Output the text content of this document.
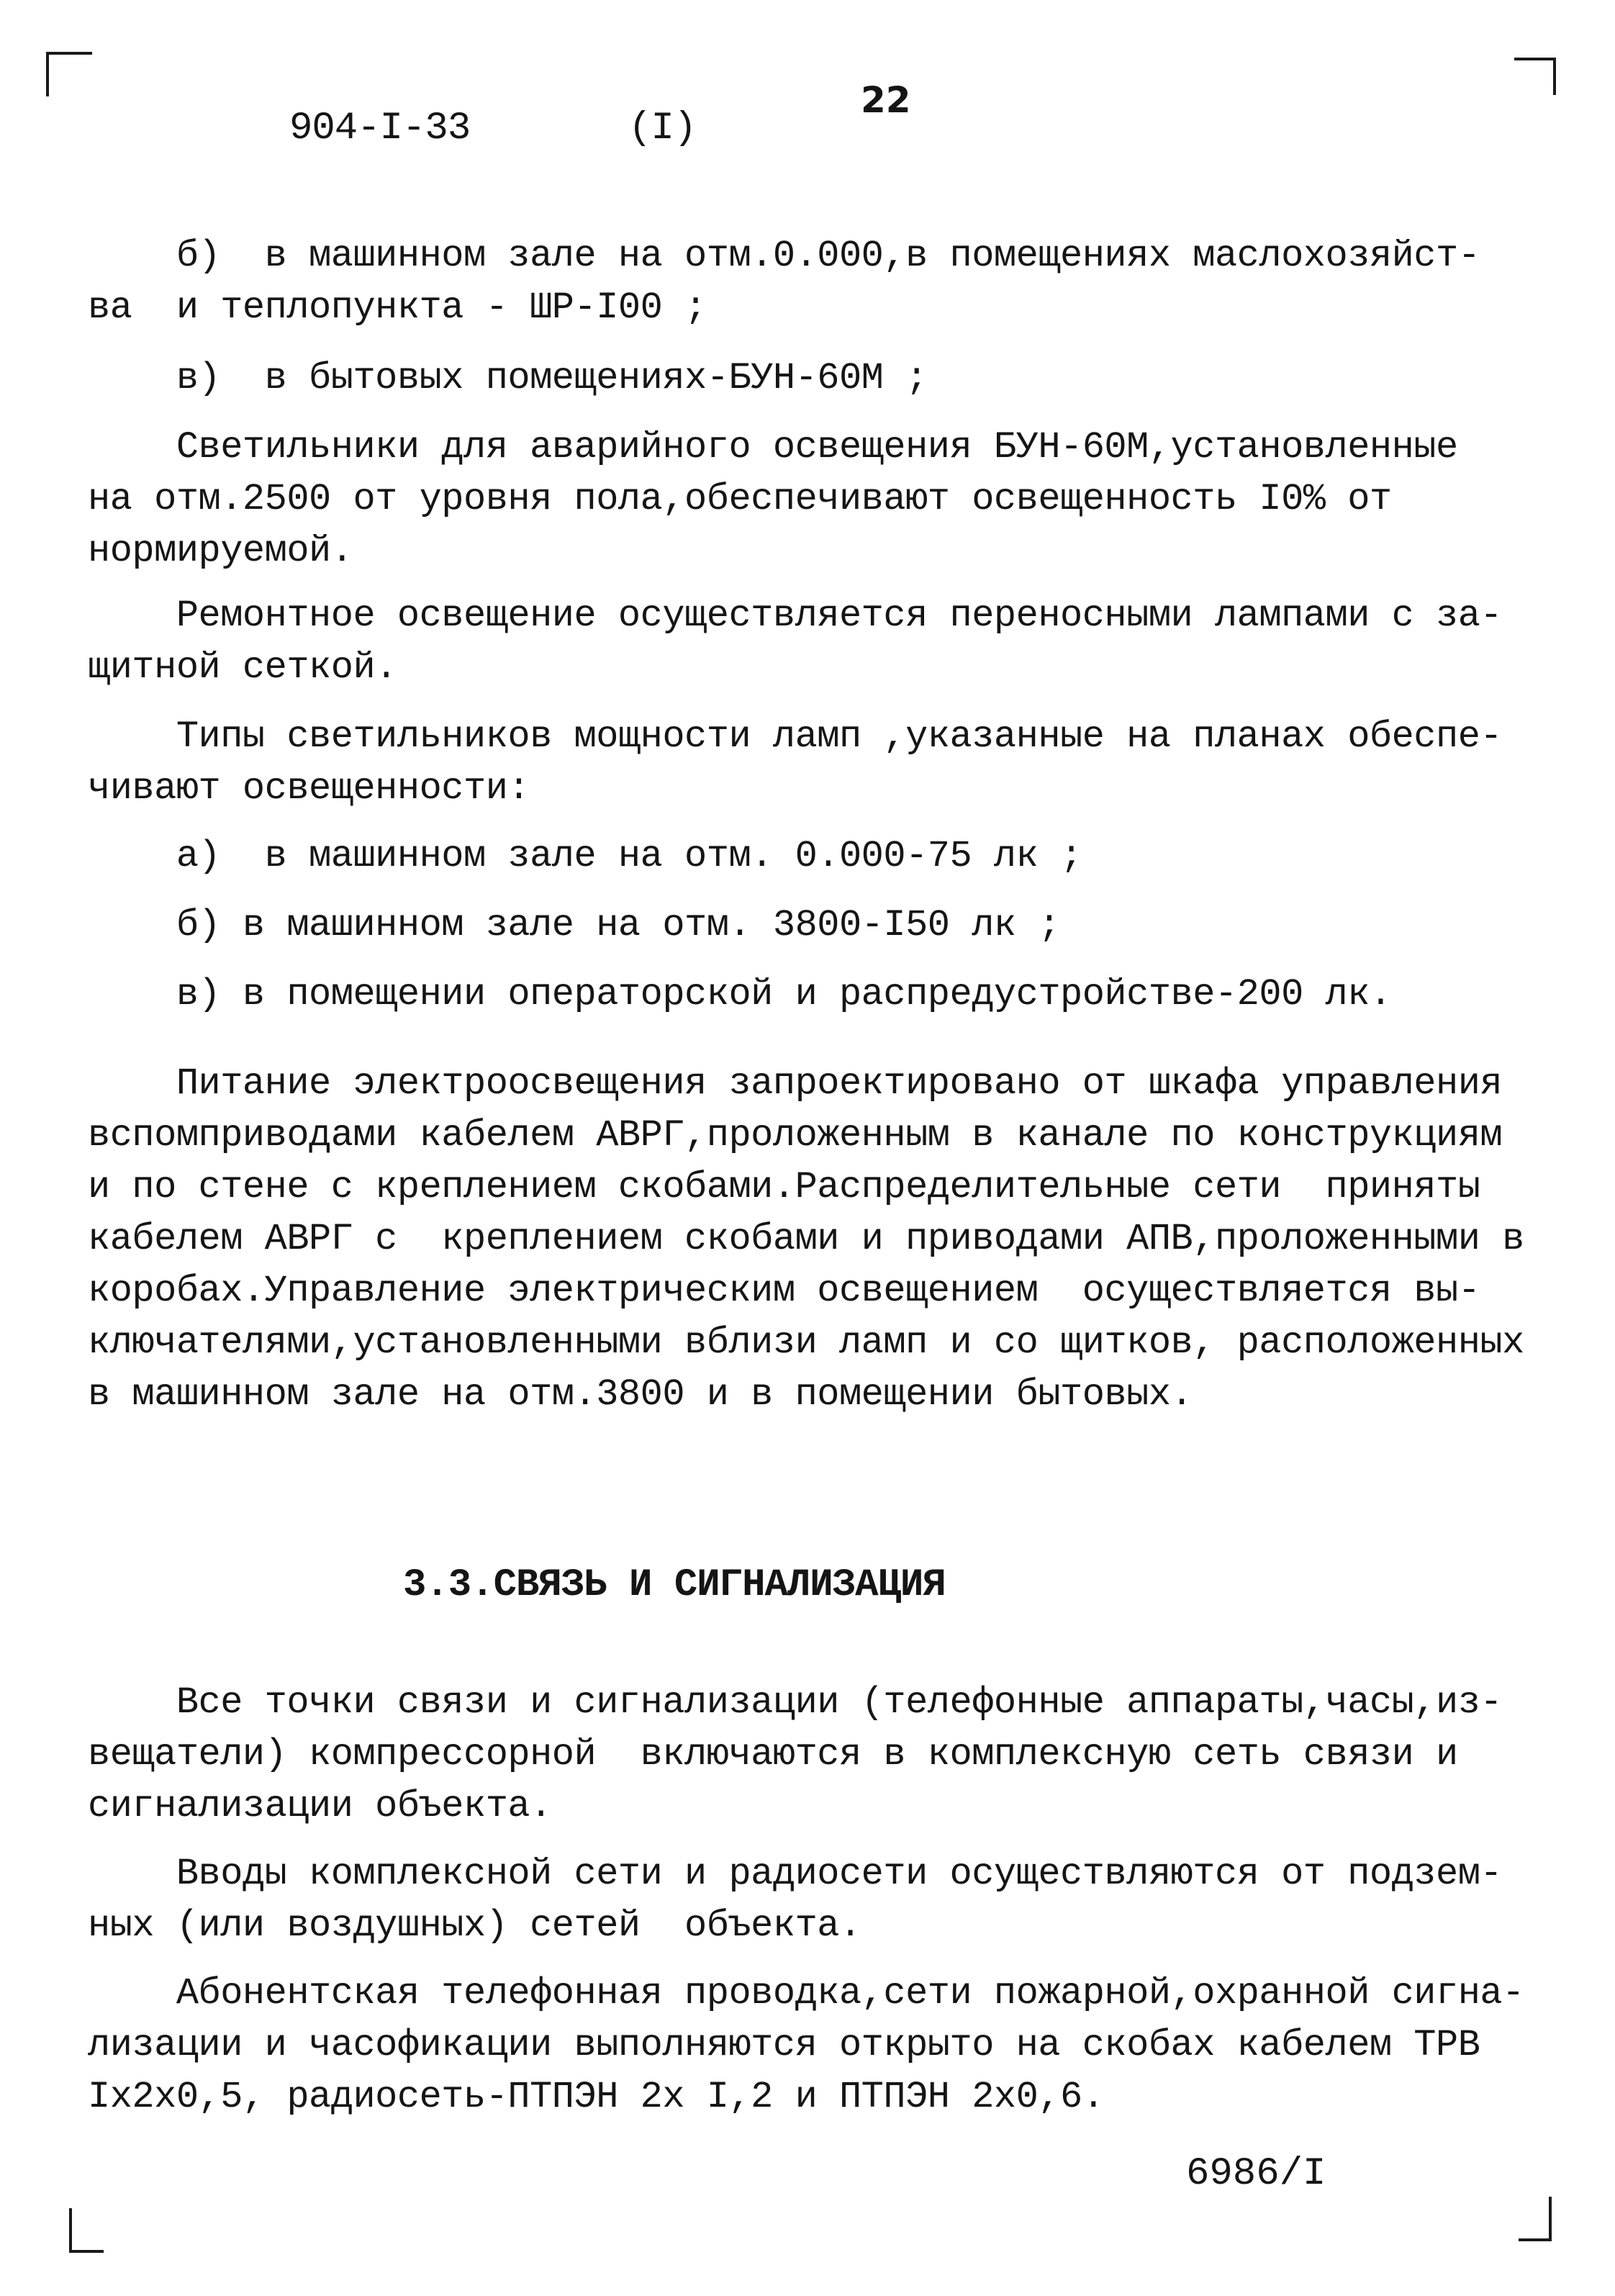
904-I-33       (I)
22
б)  в машинном зале на отм.0.000,в помещениях маслохозяйст-
ва  и теплопункта - ШР-I00 ;
в)  в бытовых помещениях-БУН-60М ;
Светильники для аварийного освещения БУН-60М,установленные
на отм.2500 от уровня пола,обеспечивают освещенность I0% от
нормируемой.
Ремонтное освещение осуществляется переносными лампами с за-
щитной сеткой.
Типы светильников мощности ламп ,указанные на планах обеспе-
чивают освещенности:
а)  в машинном зале на отм. 0.000-75 лк ;
б) в машинном зале на отм. 3800-I50 лк ;
в) в помещении операторской и распредустройстве-200 лк.
Питание электроосвещения запроектировано от шкафа управления
вспомприводами кабелем АВРГ,проложенным в канале по конструкциям
и по стене с креплением скобами.Распределительные сети  приняты
кабелем АВРГ с  креплением скобами и приводами АПВ,проложенными в
коробах.Управление электрическим освещением  осуществляется вы-
ключателями,установленными вблизи ламп и со щитков, расположенных
в машинном зале на отм.3800 и в помещении бытовых.
3.3.СВЯЗЬ И СИГНАЛИЗАЦИЯ
Все точки связи и сигнализации (телефонные аппараты,часы,из-
вещатели) компрессорной  включаются в комплексную сеть связи и
сигнализации объекта.
Вводы комплексной сети и радиосети осуществляются от подзем-
ных (или воздушных) сетей  объекта.
Абонентская телефонная проводка,сети пожарной,охранной сигна-
лизации и часофикации выполняются открыто на скобах кабелем ТРВ
Iх2х0,5, радиосеть-ПТПЭН 2х I,2 и ПТПЭН 2х0,6.
6986/I
